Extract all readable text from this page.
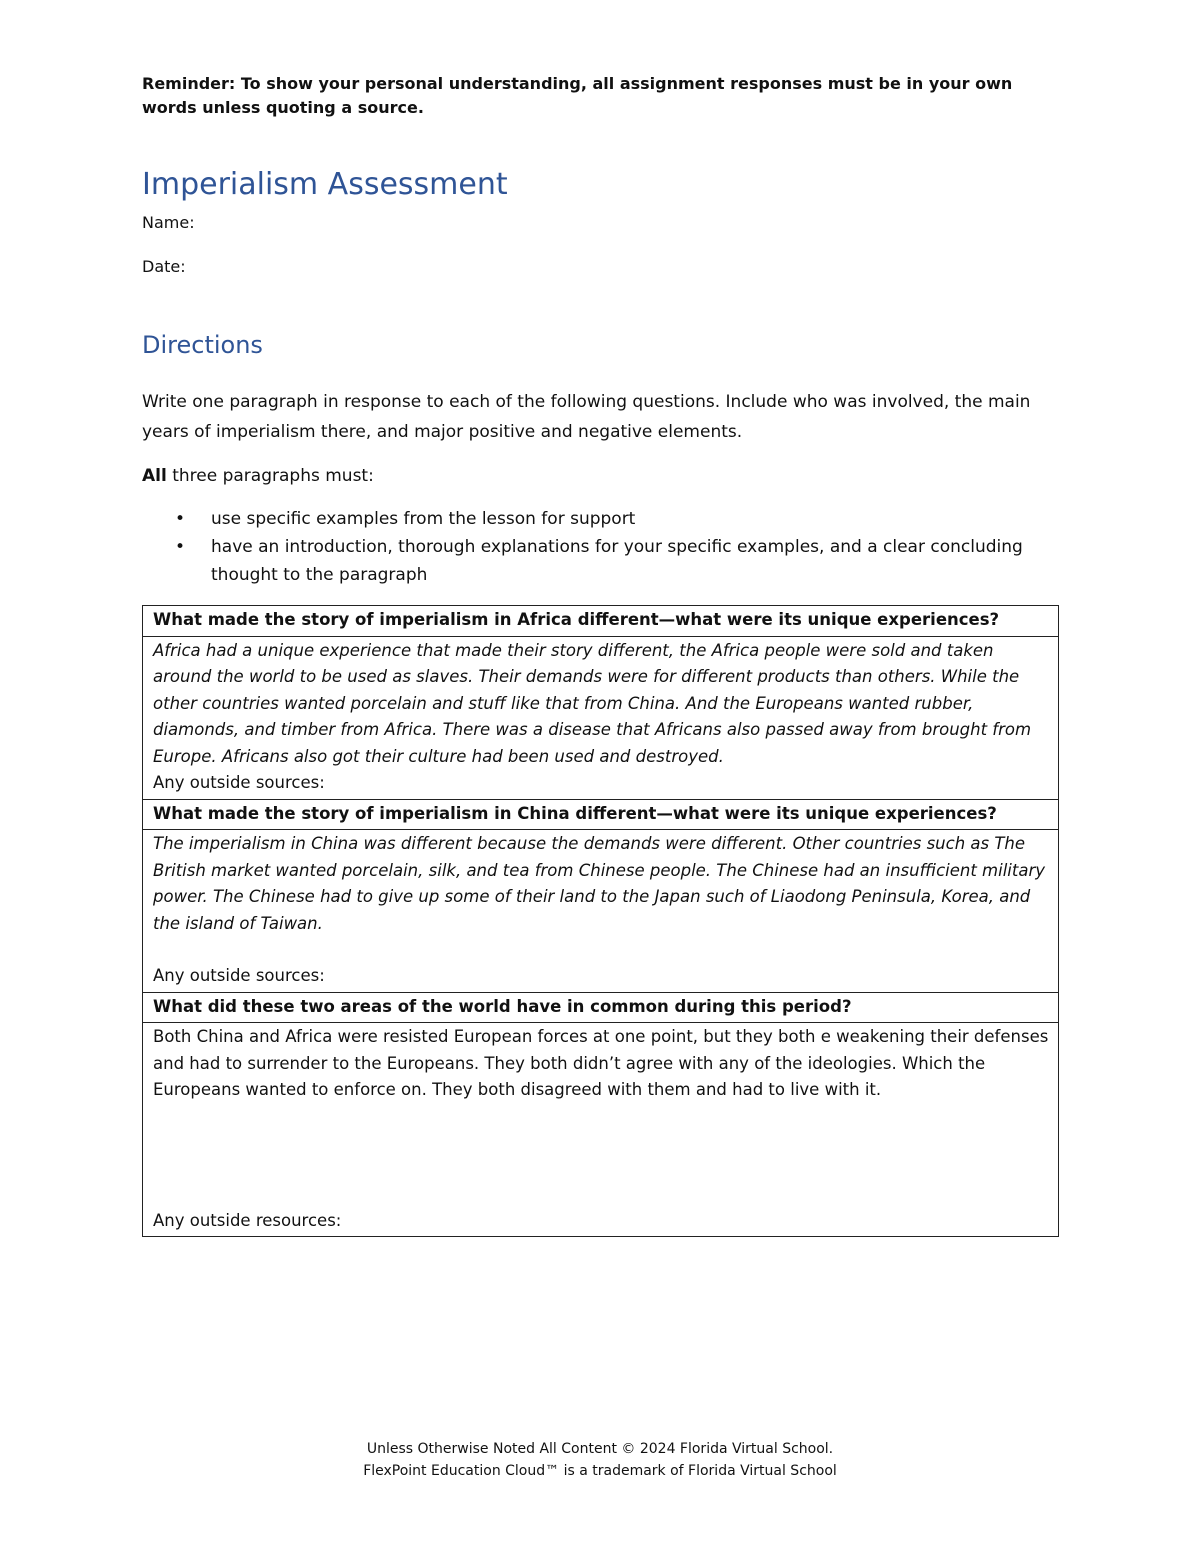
Reminder: To show your personal understanding, all assignment responses must be in your own words unless quoting a source.
Imperialism Assessment
Name:
Date:
Directions

Write one paragraph in response to each of the following questions. Include who was involved, the main years of imperialism there, and major positive and negative elements.

All three paragraphs must:

• use specific examples from the lesson for support
• have an introduction, thorough explanations for your specific examples, and a clear concluding thought to the paragraph
What made the story of imperialism in Africa different—what were its unique experiences?
Africa had a unique experience that made their story different, the Africa people were sold and taken around the world to be used as slaves. Their demands were for different products than others. While the other countries wanted porcelain and stuff like that from China. And the Europeans wanted rubber, diamonds, and timber from Africa. There was a disease that Africans also passed away from brought from Europe. Africans also got their culture had been used and destroyed.
Any outside sources:

What made the story of imperialism in China different—what were its unique experiences?
The imperialism in China was different because the demands were different. Other countries such as The British market wanted porcelain, silk, and tea from Chinese people. The Chinese had an insufficient military power. The Chinese had to give up some of their land to the Japan such of Liaodong Peninsula, Korea, and the island of Taiwan.
Any outside sources:

What did these two areas of the world have in common during this period?
Both China and Africa were resisted European forces at one point, but they both e weakening their defenses and had to surrender to the Europeans. They both didn’t agree with any of the ideologies. Which the Europeans wanted to enforce on. They both disagreed with them and had to live with it.
Any outside resources:
Unless Otherwise Noted All Content © 2024 Florida Virtual School.
FlexPoint Education Cloud™ is a trademark of Florida Virtual School
